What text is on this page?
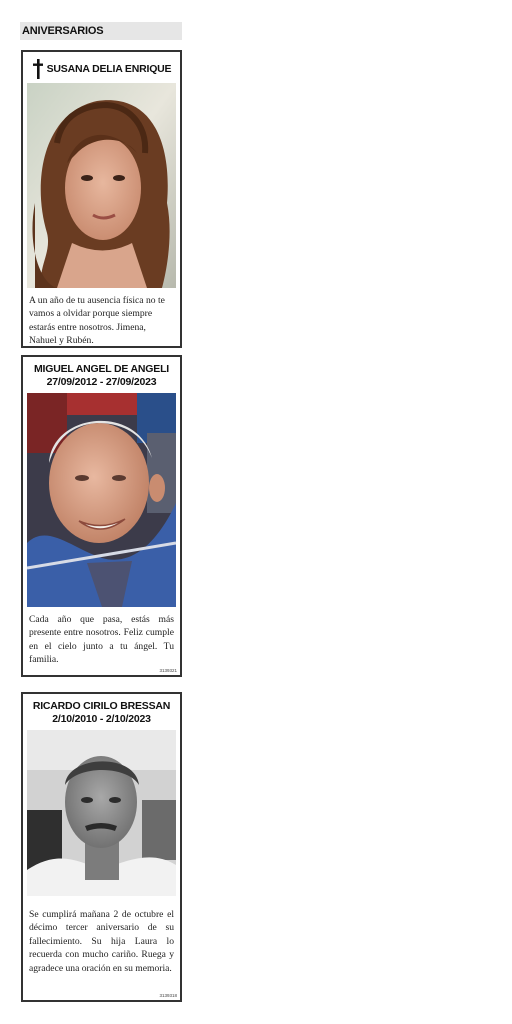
ANIVERSARIOS
SUSANA DELIA ENRIQUE
A un año de tu ausencia física no te vamos a olvidar porque siempre estarás entre nosotros. Jimena, Nahuel y Rubén.
MIGUEL ANGEL DE ANGELI
27/09/2012 - 27/09/2023
Cada año que pasa, estás más presente entre nosotros. Feliz cumple en el cielo junto a tu ángel. Tu familia.
3139321
RICARDO CIRILO BRESSAN
2/10/2010 - 2/10/2023
Se cumplirá mañana 2 de octubre el décimo tercer aniversario de su fallecimiento. Su hija Laura lo recuerda con mucho cariño. Ruega y agradece una oración en su memoria.
3139318
